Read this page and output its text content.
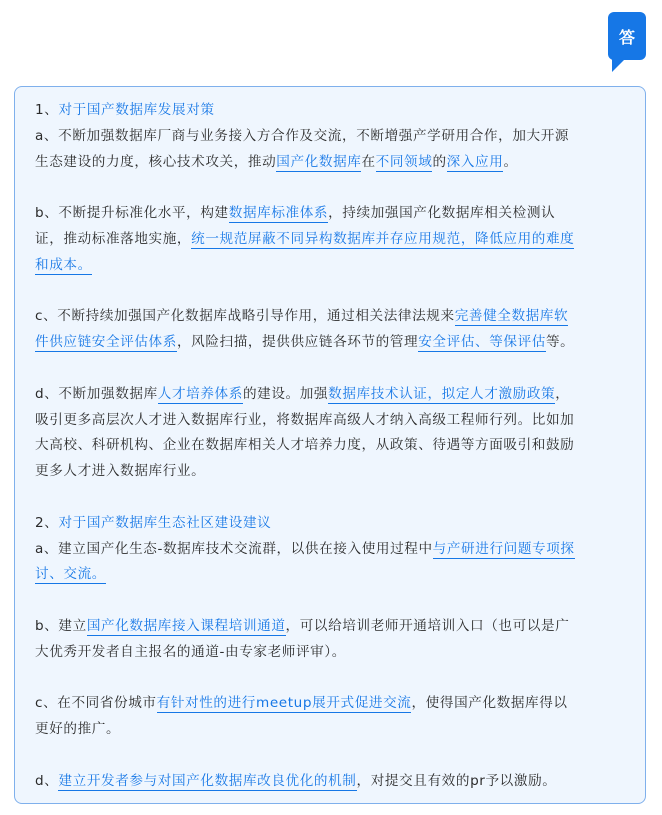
答
1、对于国产数据库发展对策
a、不断加强数据库厂商与业务接入方合作及交流，不断增强产学研用合作，加大开源
生态建设的力度，核心技术攻关，推动国产化数据库在不同领域的深入应用。
b、不断提升标准化水平，构建数据库标准体系，持续加强国产化数据库相关检测认
证，推动标准落地实施，统一规范屏蔽不同异构数据库并存应用规范，降低应用的难度
和成本。
c、不断持续加强国产化数据库战略引导作用，通过相关法律法规来完善健全数据库软
件供应链安全评估体系，风险扫描，提供供应链各环节的管理安全评估、等保评估等。
d、不断加强数据库人才培养体系的建设。加强数据库技术认证，拟定人才激励政策，
吸引更多高层次人才进入数据库行业，将数据库高级人才纳入高级工程师行列。比如加
大高校、科研机构、企业在数据库相关人才培养力度，从政策、待遇等方面吸引和鼓励
更多人才进入数据库行业。
2、对于国产数据库生态社区建设建议
a、建立国产化生态-数据库技术交流群，以供在接入使用过程中与产研进行问题专项探
讨、交流。
b、建立国产化数据库接入课程培训通道，可以给培训老师开通培训入口（也可以是广
大优秀开发者自主报名的通道-由专家老师评审）。
c、在不同省份城市有针对性的进行meetup展开式促进交流，使得国产化数据库得以
更好的推广。
d、建立开发者参与对国产化数据库改良优化的机制，对提交且有效的pr予以激励。
